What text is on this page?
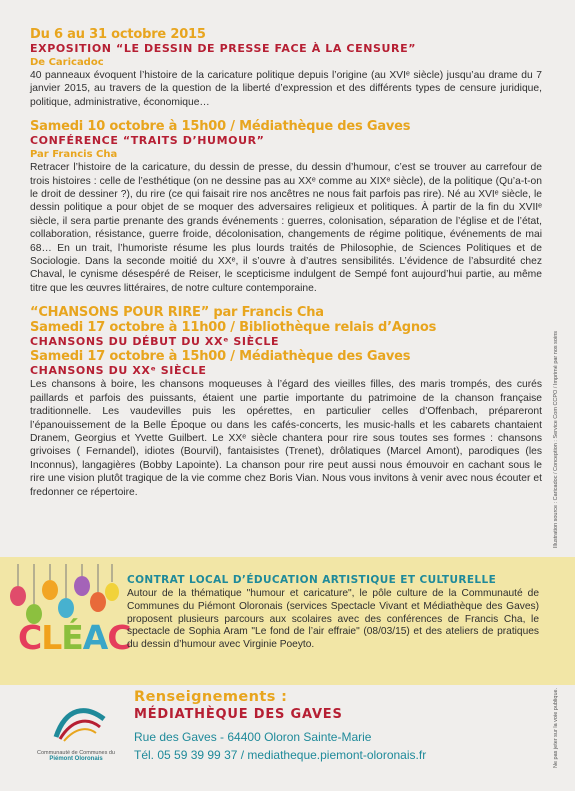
Du 6 au 31 octobre 2015
EXPOSITION “LE DESSIN DE PRESSE FACE À LA CENSURE”
De Caricadoc

40 panneaux évoquent l’histoire de la caricature politique depuis l’origine (au XVIᵉ siècle) jusqu’au drame du 7 janvier 2015, au travers de la question de la liberté d’expression et des différents types de censure juridique, politique, administrative, économique…

Samedi 10 octobre à 15h00 / Médiathèque des Gaves
CONFÉRENCE “TRAITS D’HUMOUR”
Par Francis Cha

Retracer l’histoire de la caricature, du dessin de presse, du dessin d’humour, c’est se trouver au carrefour de trois histoires : celle de l’esthétique (on ne dessine pas au XXᵉ comme au XIXᵉ siècle), de la politique (Qu’a-t-on le droit de dessiner ?), du rire (ce qui faisait rire nos ancêtres ne nous fait parfois pas rire). Né au XVIᵉ siècle, le dessin politique a pour objet de se moquer des adversaires religieux et politiques. À partir de la fin du XVIIᵉ siècle, il sera partie prenante des grands événements : guerres, colonisation, séparation de l’église et de l’état, collaboration, résistance, guerre froide, décolonisation, changements de régime politique, événements de mai 68… En un trait, l’humoriste résume les plus lourds traités de Philosophie, de Sciences Politiques et de Sociologie. Dans la seconde moitié du XXᵉ, il s’ouvre à d’autres sensibilités. L’évidence de l’absurdité chez Chaval, le cynisme désespéré de Reiser, le scepticisme indulgent de Sempé font aujourd’hui partie, au même titre que les œuvres littéraires, de notre culture contemporaine.

“CHANSONS POUR RIRE” par Francis Cha
Samedi 17 octobre à 11h00 / Bibliothèque relais d’Agnos
CHANSONS DU DÉBUT DU XXᵉ SIÈCLE
Samedi 17 octobre à 15h00 / Médiathèque des Gaves
CHANSONS DU XXᵉ SIÈCLE

Les chansons à boire, les chansons moqueuses à l’égard des vieilles filles, des maris trompés, des curés paillards et parfois des puissants, étaient une partie importante du patrimoine de la chanson française traditionnelle. Les vaudevilles puis les opérettes, en particulier celles d’Offenbach, prépareront l’épanouissement de la Belle Époque ou dans les cafés-concerts, les music-halls et les cabarets chantaient Dranem, Georgius et Yvette Guilbert. Le XXᵉ siècle chantera pour rire sous toutes ses formes : chansons grivoises ( Fernandel), idiotes (Bourvil), fantaisistes (Trenet), drôlatiques (Marcel Amont), parodiques (les Inconnus), langagières (Bobby Lapointe). La chanson pour rire peut aussi nous émouvoir en cachant sous le rire une vision plutôt tragique de la vie comme chez Boris Vian. Nous vous invitons à venir avec nous écouter et fredonner ce répertoire.	Illustration source : Caricadoc / Conception : Service Com CCPO / Imprimé par nos soins
CLÉAC
CONTRAT LOCAL D’ÉDUCATION ARTISTIQUE ET CULTURELLE

Autour de la thématique "humour et caricature", le pôle culture de la Communauté de Communes du Piémont Oloronais (services Spectacle Vivant et Médiathèque des Gaves) proposent plusieurs parcours aux scolaires avec des conférences de Francis Cha, le spectacle de Sophia Aram "Le fond de l’air effraie" (08/03/15) et des ateliers de pratiques du dessin d’humour avec Virginie Poeyto.

Communauté de Communes du
Piémont Oloronais
Renseignements :
MÉDIATHÈQUE DES GAVES
Rue des Gaves - 64400 Oloron Sainte-Marie
Tél. 05 59 39 99 37 / mediatheque.piemont-oloronais.fr	Ne pas jeter sur la voie publique.
